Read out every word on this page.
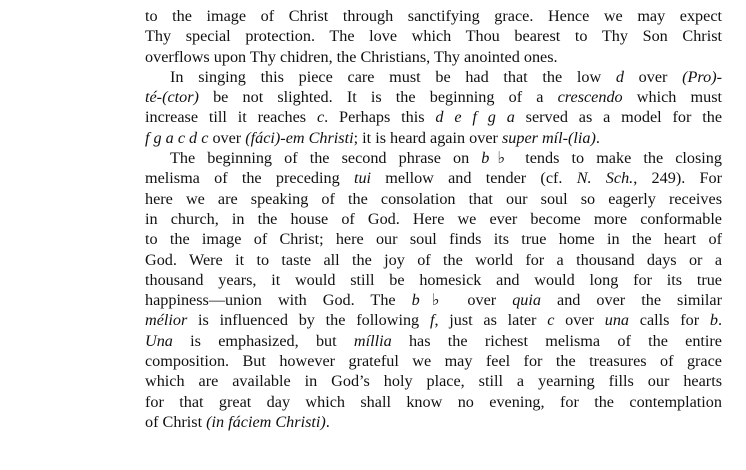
to the image of Christ through sanctifying grace. Hence we may expect
Thy special protection. The love which Thou bearest to Thy Son Christ
overflows upon Thy chidren, the Christians, Thy anointed ones.
In singing this piece care must be had that the low d over (Pro)-
té-(ctor) be not slighted. It is the beginning of a crescendo which must
increase till it reaches c. Perhaps this d e f g a served as a model for the
f g a c d c over (fáci)-em Christi; it is heard again over super míl-(lia).
The beginning of the second phrase on b♭ tends to make the closing
melisma of the preceding tui mellow and tender (cf. N. Sch., 249). For
here we are speaking of the consolation that our soul so eagerly receives
in church, in the house of God. Here we ever become more conformable
to the image of Christ; here our soul finds its true home in the heart of
God. Were it to taste all the joy of the world for a thousand days or a
thousand years, it would still be homesick and would long for its true
happiness—union with God. The b♭ over quia and over the similar
mélior is influenced by the following f, just as later c over una calls for b.
Una is emphasized, but míllia has the richest melisma of the entire
composition. But however grateful we may feel for the treasures of grace
which are available in God’s holy place, still a yearning fills our hearts
for that great day which shall know no evening, for the contemplation
of Christ (in fáciem Christi).
